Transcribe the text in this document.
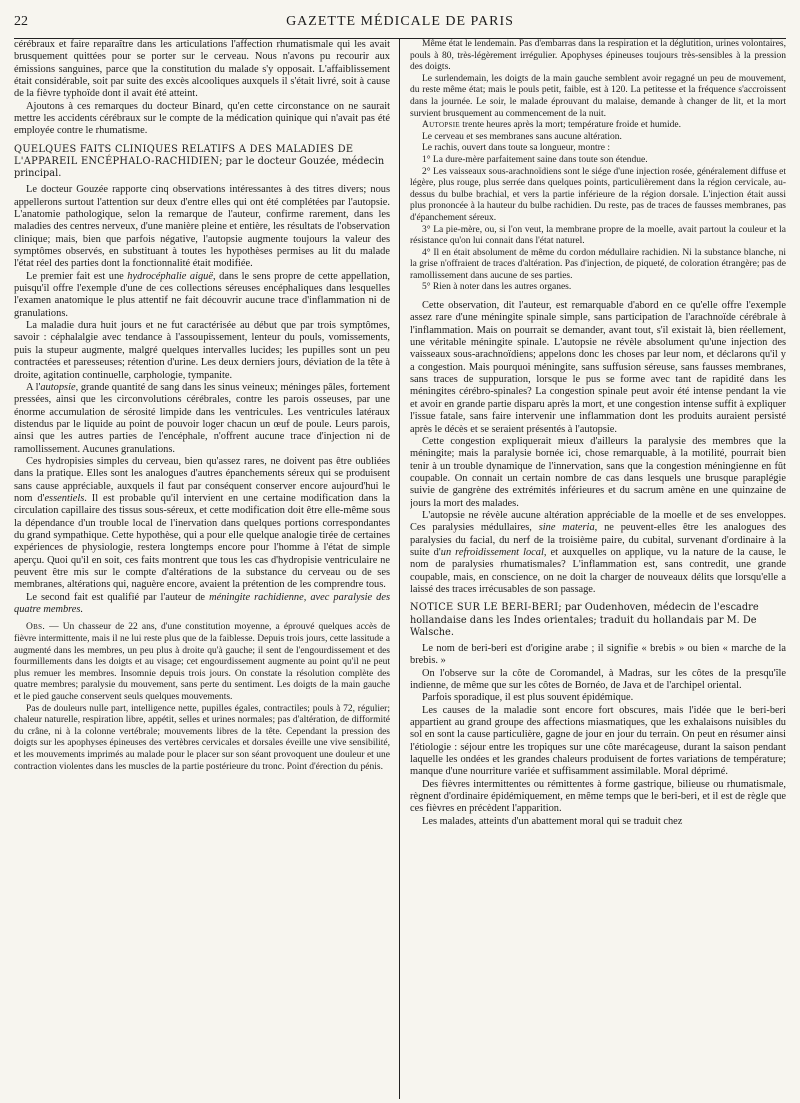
22	GAZETTE MÉDICALE DE PARIS

cérébraux et faire reparaître dans les articulations l'affection rhumatismale qui les avait brusquement quittées pour se porter sur le cerveau. Nous n'avons pu recourir aux émissions sanguines, parce que la constitution du malade s'y opposait. L'affaiblissement était considérable, soit par suite des excès alcooliques auxquels il s'était livré, soit à cause de la fièvre typhoïde dont il avait été atteint.

Ajoutons à ces remarques du docteur Binard, qu'en cette circonstance on ne saurait mettre les accidents cérébraux sur le compte de la médication quinique qui n'avait pas été employée contre le rhumatisme.

QUELQUES FAITS CLINIQUES RELATIFS A DES MALADIES DE L'APPAREIL ENCÉPHALO-RACHIDIEN; par le docteur Gouzée, médecin principal.

Le docteur Gouzée rapporte cinq observations intéressantes à des titres divers; nous appellerons surtout l'attention sur deux d'entre elles qui ont été complétées par l'autopsie. L'anatomie pathologique, selon la remarque de l'auteur, confirme rarement, dans les maladies des centres nerveux, d'une manière pleine et entière, les résultats de l'observation clinique; mais, bien que parfois négative, l'autopsie augmente toujours la valeur des symptômes observés, en substituant à toutes les hypothèses permises au lit du malade l'état réel des parties dont la fonctionnalité était modifiée.

Le premier fait est une hydrocéphalie aiguë, dans le sens propre de cette appellation, puisqu'il offre l'exemple d'une de ces collections séreuses encéphaliques dans lesquelles l'examen anatomique le plus attentif ne fait découvrir aucune trace d'inflammation ni de granulations.

La maladie dura huit jours et ne fut caractérisée au début que par trois symptômes, savoir : céphalalgie avec tendance à l'assoupissement, lenteur du pouls, vomissements, puis la stupeur augmente, malgré quelques intervalles lucides; les pupilles sont un peu contractées et paresseuses; rétention d'urine. Les deux derniers jours, déviation de la tête à droite, agitation continuelle, carphologie, tympanite.

A l'autopsie, grande quantité de sang dans les sinus veineux; méninges pâles, fortement pressées, ainsi que les circonvolutions cérébrales, contre les parois osseuses, par une énorme accumulation de sérosité limpide dans les ventricules. Les ventricules latéraux distendus par le liquide au point de pouvoir loger chacun un œuf de poule. Leurs parois, ainsi que les autres parties de l'encéphale, n'offrent aucune trace d'injection ni de ramollissement. Aucunes granulations.

Ces hydropisies simples du cerveau, bien qu'assez rares, ne doivent pas être oubliées dans la pratique. Elles sont les analogues d'autres épanchements séreux qui se produisent sans cause appréciable, auxquels il faut par conséquent conserver encore aujourd'hui le nom d'essentiels. Il est probable qu'il intervient en une certaine modification dans la circulation capillaire des tissus sous-séreux, et cette modification doit être elle-même sous la dépendance d'un trouble local de l'inervation dans quelques portions correspondantes du grand sympathique. Cette hypothèse, qui a pour elle quelque analogie tirée de certaines expériences de physiologie, restera longtemps encore pour l'homme à l'état de simple aperçu. Quoi qu'il en soit, ces faits montrent que tous les cas d'hydropisie ventriculaire ne peuvent être mis sur le compte d'altérations de la substance du cerveau ou de ses membranes, altérations qui, naguère encore, avaient la prétention de les comprendre tous.

Le second fait est qualifié par l'auteur de méningite rachidienne, avec paralysie des quatre membres.

Obs. — Un chasseur de 22 ans, d'une constitution moyenne, a éprouvé quelques accès de fièvre intermittente, mais il ne lui reste plus que de la faiblesse. Depuis trois jours, cette lassitude a augmenté dans les membres, un peu plus à droite qu'à gauche; il sent de l'engourdissement et des fourmillements dans les doigts et au visage; cet engourdissement augmente au point qu'il ne peut plus remuer les membres. Insomnie depuis trois jours. On constate la résolution complète des quatre membres; paralysie du mouvement, sans perte du sentiment. Les doigts de la main gauche et le pied gauche conservent seuls quelques mouvements.

Pas de douleurs nulle part, intelligence nette, pupilles égales, contractiles; pouls à 72, régulier; chaleur naturelle, respiration libre, appétit, selles et urines normales; pas d'altération, de difformité du crâne, ni à la colonne vertébrale; mouvements libres de la tête. Cependant la pression des doigts sur les apophyses épineuses des vertèbres cervicales et dorsales éveille une vive sensibilité, et les mouvements imprimés au malade pour le placer sur son séant provoquent une douleur et une contraction violentes dans les muscles de la partie postérieure du tronc. Point d'érection du pénis.

Même état le lendemain. Pas d'embarras dans la respiration et la déglutition, urines volontaires, pouls à 80, très-légèrement irrégulier. Apophyses épineuses toujours très-sensibles à la pression des doigts.

Le surlendemain, les doigts de la main gauche semblent avoir regagné un peu de mouvement, du reste même état; mais le pouls petit, faible, est à 120. La petitesse et la fréquence s'accroissent dans la journée. Le soir, le malade éprouvant du malaise, demande à changer de lit, et la mort survient brusquement au commencement de la nuit.

Autopsie trente heures après la mort; température froide et humide.

Le cerveau et ses membranes sans aucune altération.

Le rachis, ouvert dans toute sa longueur, montre :

1° La dure-mère parfaitement saine dans toute son étendue.

2° Les vaisseaux sous-arachnoïdiens sont le siége d'une injection rosée, généralement diffuse et légère, plus rouge, plus serrée dans quelques points, particulièrement dans la région cervicale, au-dessus du bulbe brachial, et vers la partie inférieure de la région dorsale. L'injection était aussi plus prononcée à la hauteur du bulbe rachidien. Du reste, pas de traces de fausses membranes, pas d'épanchement séreux.

3° La pie-mère, ou, si l'on veut, la membrane propre de la moelle, avait partout la couleur et la résistance qu'on lui connait dans l'état naturel.

4° Il en était absolument de même du cordon médullaire rachidien. Ni la substance blanche, ni la grise n'offraient de traces d'altération. Pas d'injection, de piqueté, de coloration étrangère; pas de ramollissement dans aucune de ses parties.

5° Rien à noter dans les autres organes.

Cette observation, dit l'auteur, est remarquable d'abord en ce qu'elle offre l'exemple assez rare d'une méningite spinale simple, sans participation de l'arachnoïde cérébrale à l'inflammation. Mais on pourrait se demander, avant tout, s'il existait là, bien réellement, une véritable méningite spinale. L'autopsie ne révèle absolument qu'une injection des vaisseaux sous-arachnoïdiens; appelons donc les choses par leur nom, et déclarons qu'il y a congestion. Mais pourquoi méningite, sans suffusion séreuse, sans fausses membranes, sans traces de suppuration, lorsque le pus se forme avec tant de rapidité dans les méningites cérébro-spinales? La congestion spinale peut avoir été intense pendant la vie et avoir en grande partie disparu après la mort, et une congestion intense suffit à expliquer l'issue fatale, sans faire intervenir une inflammation dont les produits auraient persisté après le décès et se seraient présentés à l'autopsie.

Cette congestion expliquerait mieux d'ailleurs la paralysie des membres que la méningite; mais la paralysie bornée ici, chose remarquable, à la motilité, pourrait bien tenir à un trouble dynamique de l'innervation, sans que la congestion méningienne en fût coupable. On connait un certain nombre de cas dans lesquels une brusque paraplégie suivie de gangrène des extrémités inférieures et du sacrum amène en une quinzaine de jours la mort des malades.

L'autopsie ne révèle aucune altération appréciable de la moelle et de ses enveloppes. Ces paralysies médullaires, sine materia, ne peuvent-elles être les analogues des paralysies du facial, du nerf de la troisième paire, du cubital, survenant d'ordinaire à la suite d'un refroidissement local, et auxquelles on applique, vu la nature de la cause, le nom de paralysies rhumatismales? L'inflammation est, sans contredit, une grande coupable, mais, en conscience, on ne doit la charger de nouveaux délits que lorsqu'elle a laissé des traces irrécusables de son passage.

NOTICE SUR LE BERI-BERI; par Oudenhoven, médecin de l'escadre hollandaise dans les Indes orientales; traduit du hollandais par M. De Walsche.

Le nom de beri-beri est d'origine arabe ; il signifie « brebis » ou bien « marche de la brebis. »

On l'observe sur la côte de Coromandel, à Madras, sur les côtes de la presqu'île indienne, de même que sur les côtes de Bornéo, de Java et de l'archipel oriental.

Parfois sporadique, il est plus souvent épidémique.

Les causes de la maladie sont encore fort obscures, mais l'idée que le beri-beri appartient au grand groupe des affections miasmatiques, que les exhalaisons nuisibles du sol en sont la cause particulière, gagne de jour en jour du terrain. On peut en résumer ainsi l'étiologie : séjour entre les tropiques sur une côte marécageuse, durant la saison pendant laquelle les ondées et les grandes chaleurs produisent de fortes variations de température; manque d'une nourriture variée et suffisamment assimilable. Moral déprimé.

Des fièvres intermittentes ou rémittentes à forme gastrique, bilieuse ou rhumatismale, règnent d'ordinaire épidémiquement, en même temps que le beri-beri, et il est de règle que ces fièvres en précèdent l'apparition.

Les malades, atteints d'un abattement moral qui se traduit chez
